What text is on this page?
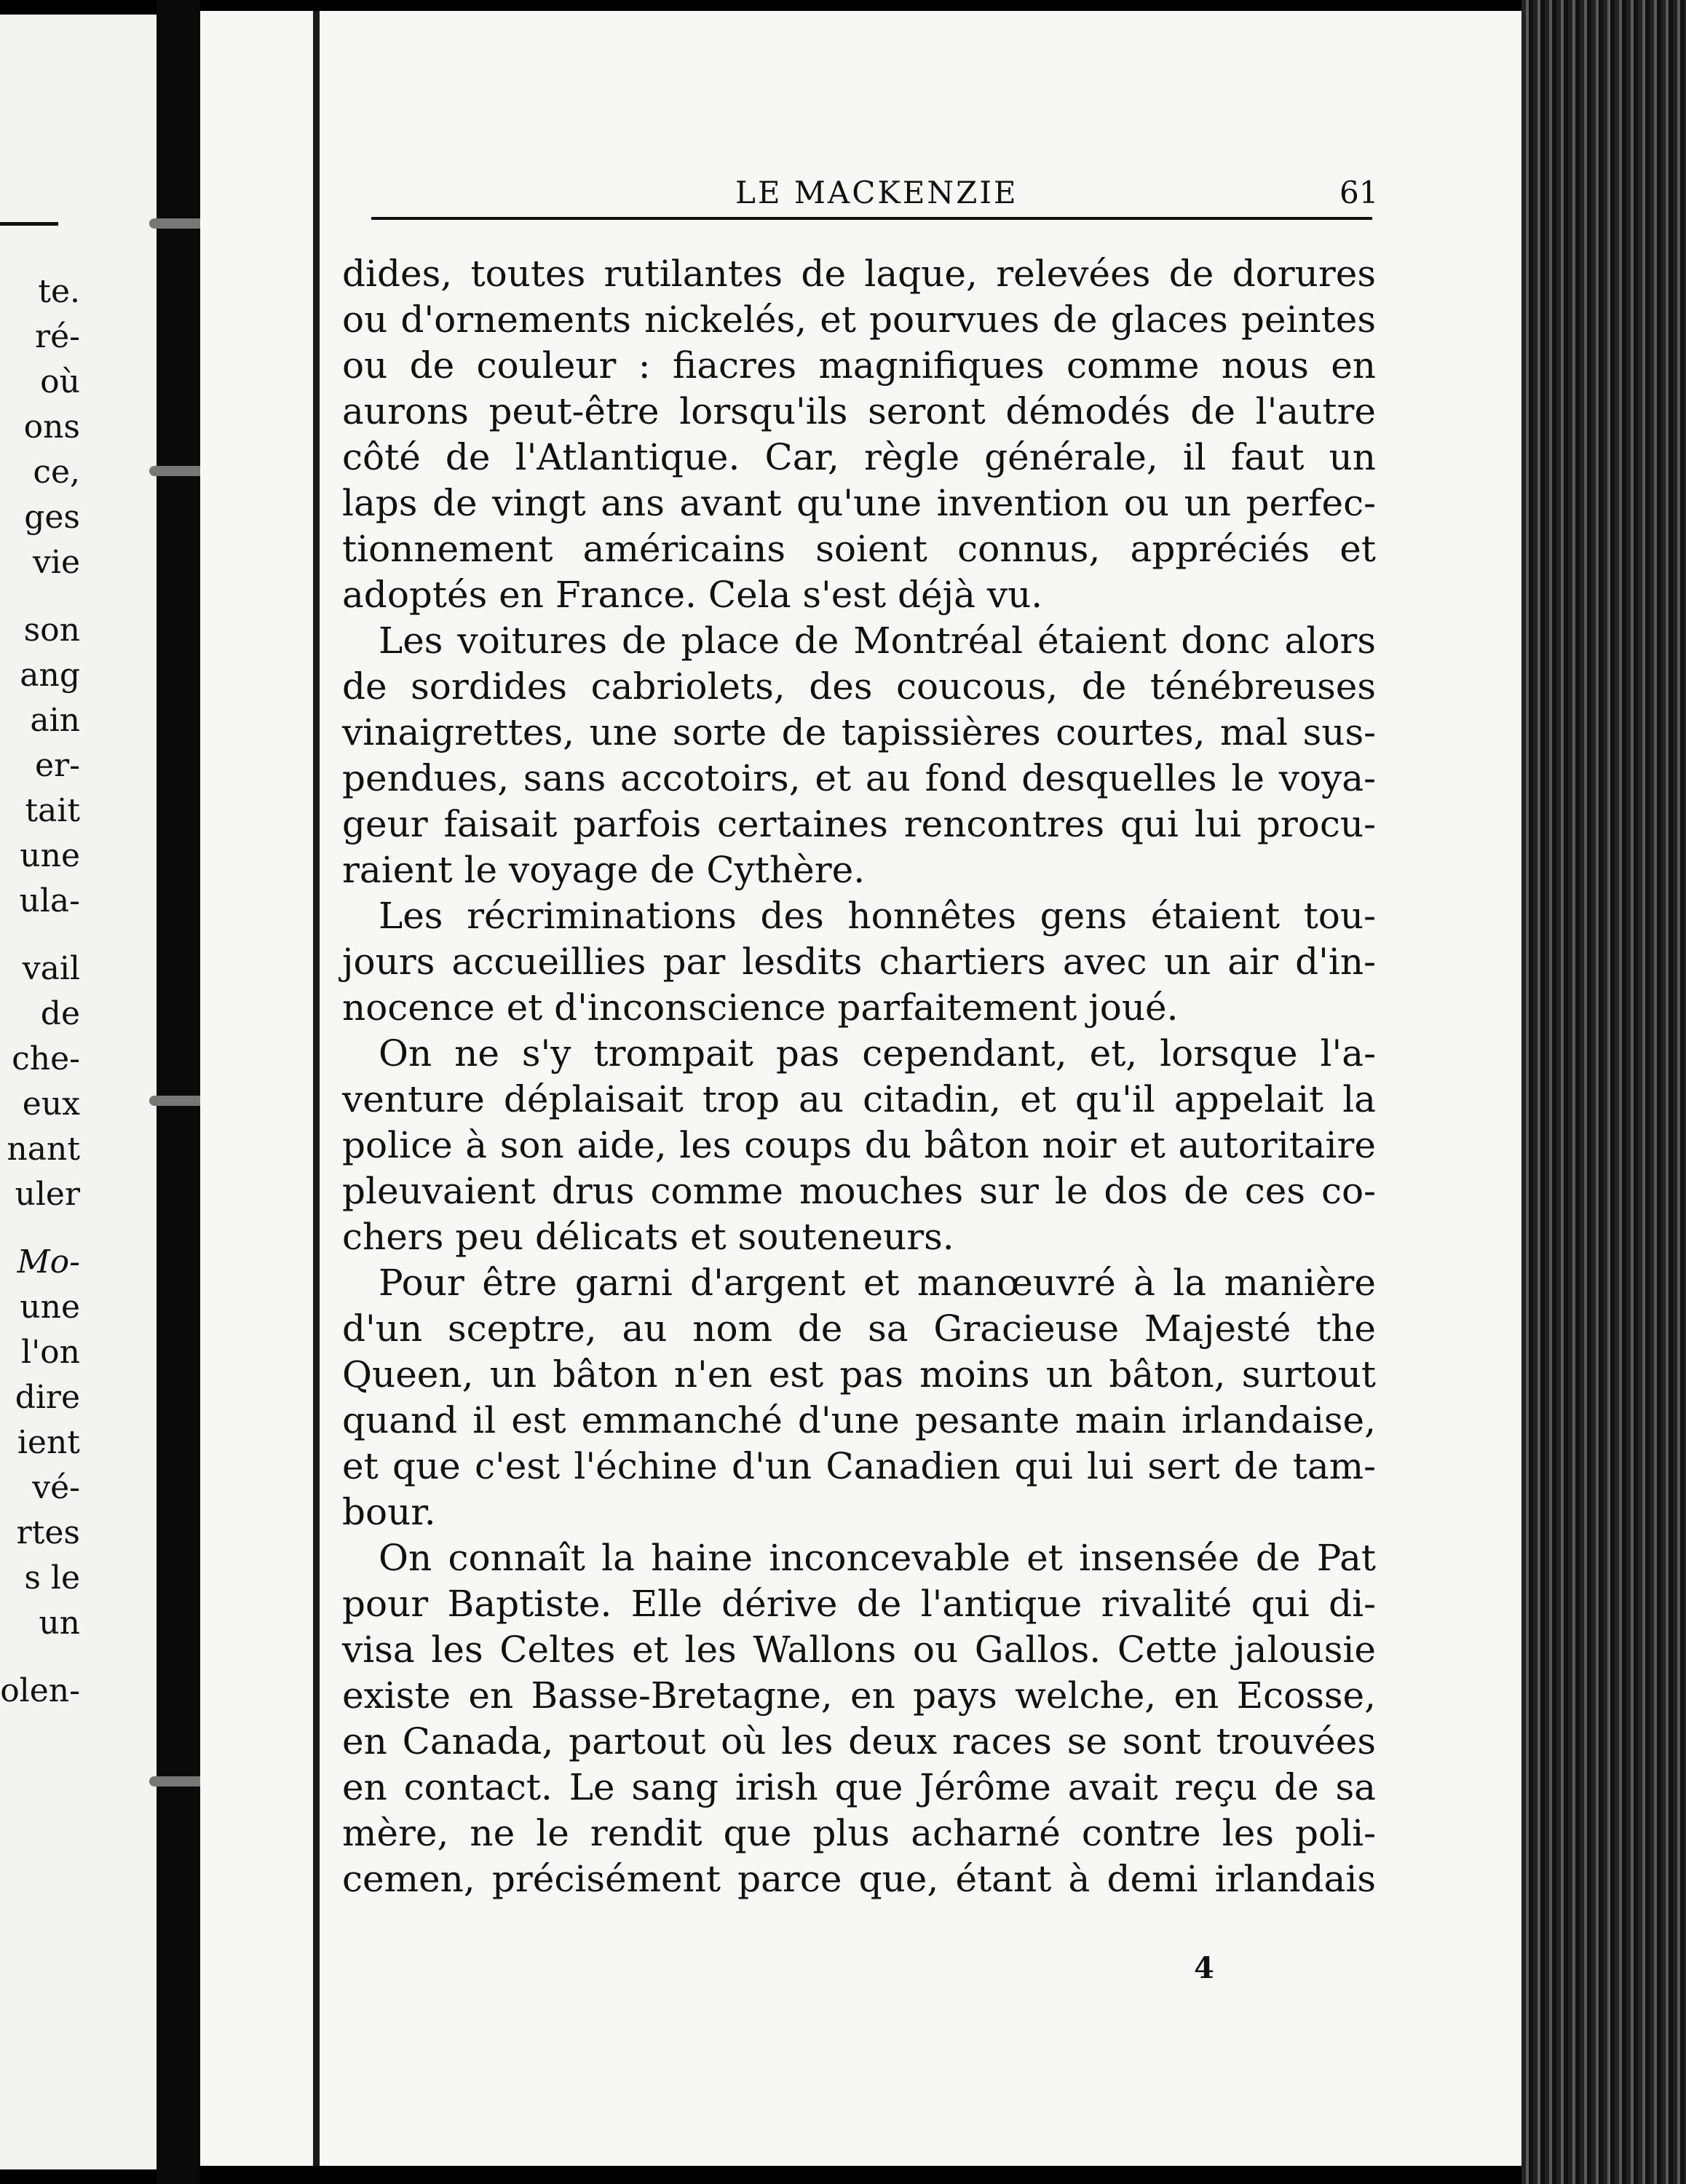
te.
ré-
où
ons
ce,
ges
vie
son
ang
ain
er-
tait
une
ula-
vail
de
che-
eux
nant
uler
Mo-
une
l'on
dire
ient
vé-
rtes
s le
un
olen-
LE MACKENZIE	61
dides, toutes rutilantes de laque, relevées de dorures
ou d'ornements nickelés, et pourvues de glaces peintes
ou de couleur : fiacres magnifiques comme nous en
aurons peut-être lorsqu'ils seront démodés de l'autre
côté de l'Atlantique. Car, règle générale, il faut un
laps de vingt ans avant qu'une invention ou un perfec-
tionnement américains soient connus, appréciés et
adoptés en France. Cela s'est déjà vu.
Les voitures de place de Montréal étaient donc alors
de sordides cabriolets, des coucous, de ténébreuses
vinaigrettes, une sorte de tapissières courtes, mal sus-
pendues, sans accotoirs, et au fond desquelles le voya-
geur faisait parfois certaines rencontres qui lui procu-
raient le voyage de Cythère.
Les récriminations des honnêtes gens étaient tou-
jours accueillies par lesdits chartiers avec un air d'in-
nocence et d'inconscience parfaitement joué.
On ne s'y trompait pas cependant, et, lorsque l'a-
venture déplaisait trop au citadin, et qu'il appelait la
police à son aide, les coups du bâton noir et autoritaire
pleuvaient drus comme mouches sur le dos de ces co-
chers peu délicats et souteneurs.
Pour être garni d'argent et manœuvré à la manière
d'un sceptre, au nom de sa Gracieuse Majesté the
Queen, un bâton n'en est pas moins un bâton, surtout
quand il est emmanché d'une pesante main irlandaise,
et que c'est l'échine d'un Canadien qui lui sert de tam-
bour.
On connaît la haine inconcevable et insensée de Pat
pour Baptiste. Elle dérive de l'antique rivalité qui di-
visa les Celtes et les Wallons ou Gallos. Cette jalousie
existe en Basse-Bretagne, en pays welche, en Ecosse,
en Canada, partout où les deux races se sont trouvées
en contact. Le sang irish que Jérôme avait reçu de sa
mère, ne le rendit que plus acharné contre les poli-
cemen, précisément parce que, étant à demi irlandais
4
